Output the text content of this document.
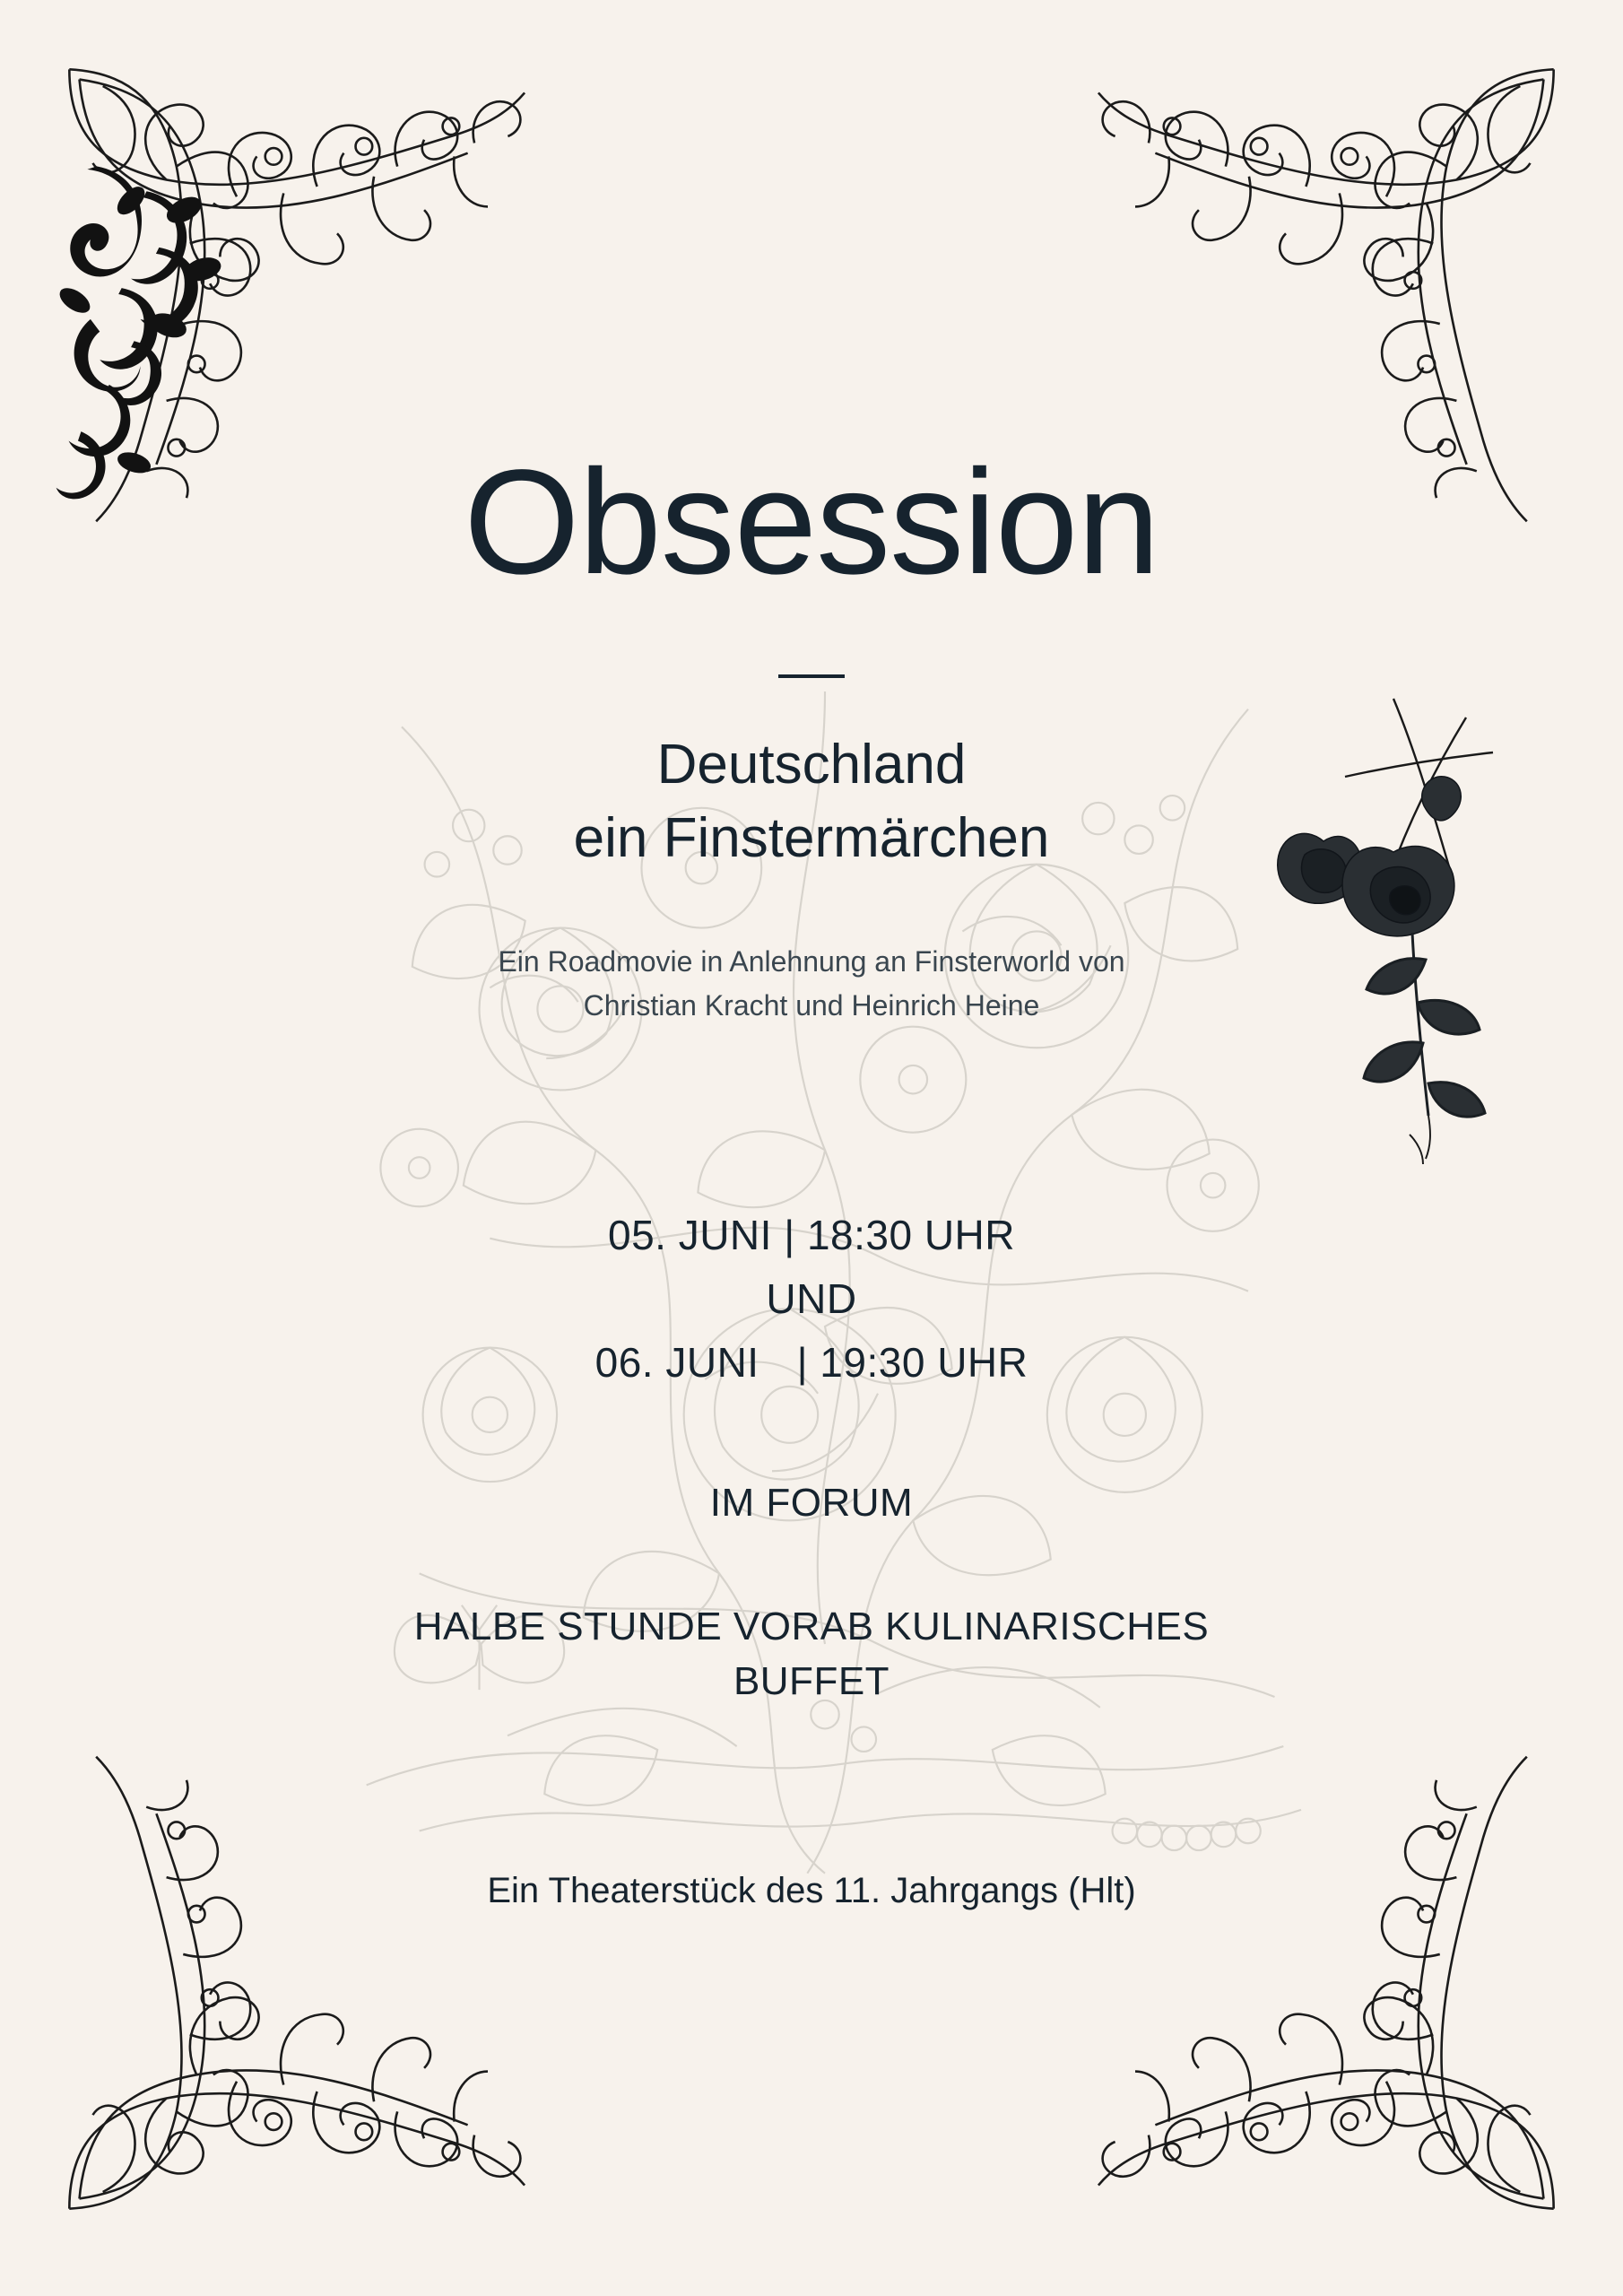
Obsession
Deutschland
ein Finstermärchen

Ein Roadmovie in Anlehnung an Finsterworld von Christian Kracht und Heinrich Heine

05. JUNI | 18:30 UHR
UND
06. JUNI | 19:30 UHR
IM FORUM
HALBE STUNDE VORAB KULINARISCHES
BUFFET
Ein Theaterstück des 11. Jahrgangs (Hlt)
